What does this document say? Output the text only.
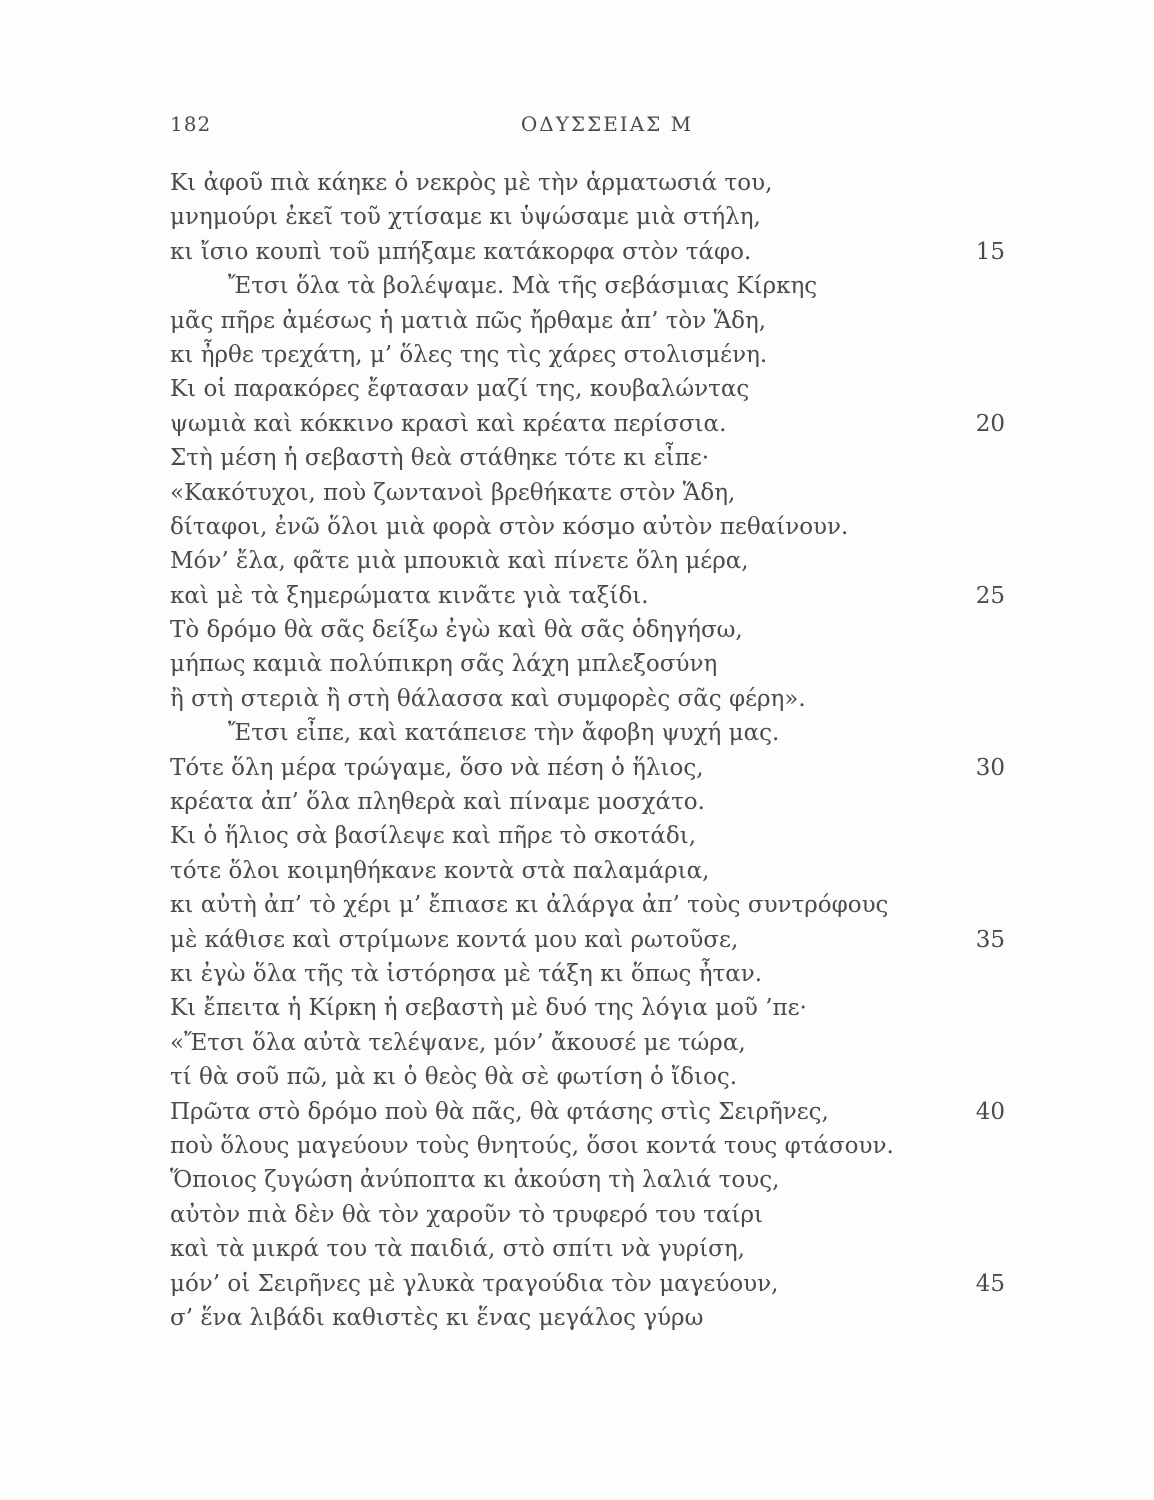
182	ΟΔΥΣΣΕΙΑΣ Μ
Κι ἀφοῦ πιὰ κάηκε ὁ νεκρὸς μὲ τὴν ἁρματωσιά του,
μνημούρι ἐκεῖ τοῦ χτίσαμε κι ὑψώσαμε μιὰ στήλη,
κι ἴσιο κουπὶ τοῦ μπήξαμε κατάκορφα στὸν τάφο.	15
Ἔτσι ὅλα τὰ βολέψαμε. Μὰ τῆς σεβάσμιας Κίρκης
μᾶς πῆρε ἀμέσως ἡ ματιὰ πῶς ἤρθαμε ἀπ’ τὸν Ἅδη,
κι ἦρθε τρεχάτη, μ’ ὅλες της τὶς χάρες στολισμένη.
Κι οἱ παρακόρες ἔφτασαν μαζί της, κουβαλώντας
ψωμιὰ καὶ κόκκινο κρασὶ καὶ κρέατα περίσσια.	20
Στὴ μέση ἡ σεβαστὴ θεὰ στάθηκε τότε κι εἶπε·
«Κακότυχοι, ποὺ ζωντανοὶ βρεθήκατε στὸν Ἅδη,
δίταφοι, ἐνῶ ὅλοι μιὰ φορὰ στὸν κόσμο αὐτὸν πεθαίνουν.
Μόν’ ἔλα, φᾶτε μιὰ μπουκιὰ καὶ πίνετε ὅλη μέρα,
καὶ μὲ τὰ ξημερώματα κινᾶτε γιὰ ταξίδι.	25
Τὸ δρόμο θὰ σᾶς δείξω ἐγὼ καὶ θὰ σᾶς ὁδηγήσω,
μήπως καμιὰ πολύπικρη σᾶς λάχη μπλεξοσύνη
ἢ στὴ στεριὰ ἢ στὴ θάλασσα καὶ συμφορὲς σᾶς φέρη».
Ἔτσι εἶπε, καὶ κατάπεισε τὴν ἄφοβη ψυχή μας.
Τότε ὅλη μέρα τρώγαμε, ὅσο νὰ πέση ὁ ἥλιος,	30
κρέατα ἀπ’ ὅλα πληθερὰ καὶ πίναμε μοσχάτο.
Κι ὁ ἥλιος σὰ βασίλεψε καὶ πῆρε τὸ σκοτάδι,
τότε ὅλοι κοιμηθήκανε κοντὰ στὰ παλαμάρια,
κι αὐτὴ ἀπ’ τὸ χέρι μ’ ἔπιασε κι ἀλάργα ἀπ’ τοὺς συντρόφους
μὲ κάθισε καὶ στρίμωνε κοντά μου καὶ ρωτοῦσε,	35
κι ἐγὼ ὅλα τῆς τὰ ἱστόρησα μὲ τάξη κι ὅπως ἦταν.
Κι ἔπειτα ἡ Κίρκη ἡ σεβαστὴ μὲ δυό της λόγια μοῦ ’πε·
«Ἔτσι ὅλα αὐτὰ τελέψανε, μόν’ ἄκουσέ με τώρα,
τί θὰ σοῦ πῶ, μὰ κι ὁ θεὸς θὰ σὲ φωτίση ὁ ἴδιος.
Πρῶτα στὸ δρόμο ποὺ θὰ πᾶς, θὰ φτάσης στὶς Σειρῆνες,	40
ποὺ ὅλους μαγεύουν τοὺς θνητούς, ὅσοι κοντά τους φτάσουν.
Ὅποιος ζυγώση ἀνύποπτα κι ἀκούση τὴ λαλιά τους,
αὐτὸν πιὰ δὲν θὰ τὸν χαροῦν τὸ τρυφερό του ταίρι
καὶ τὰ μικρά του τὰ παιδιά, στὸ σπίτι νὰ γυρίση,
μόν’ οἱ Σειρῆνες μὲ γλυκὰ τραγούδια τὸν μαγεύουν,	45
σ’ ἕνα λιβάδι καθιστὲς κι ἕνας μεγάλος γύρω
